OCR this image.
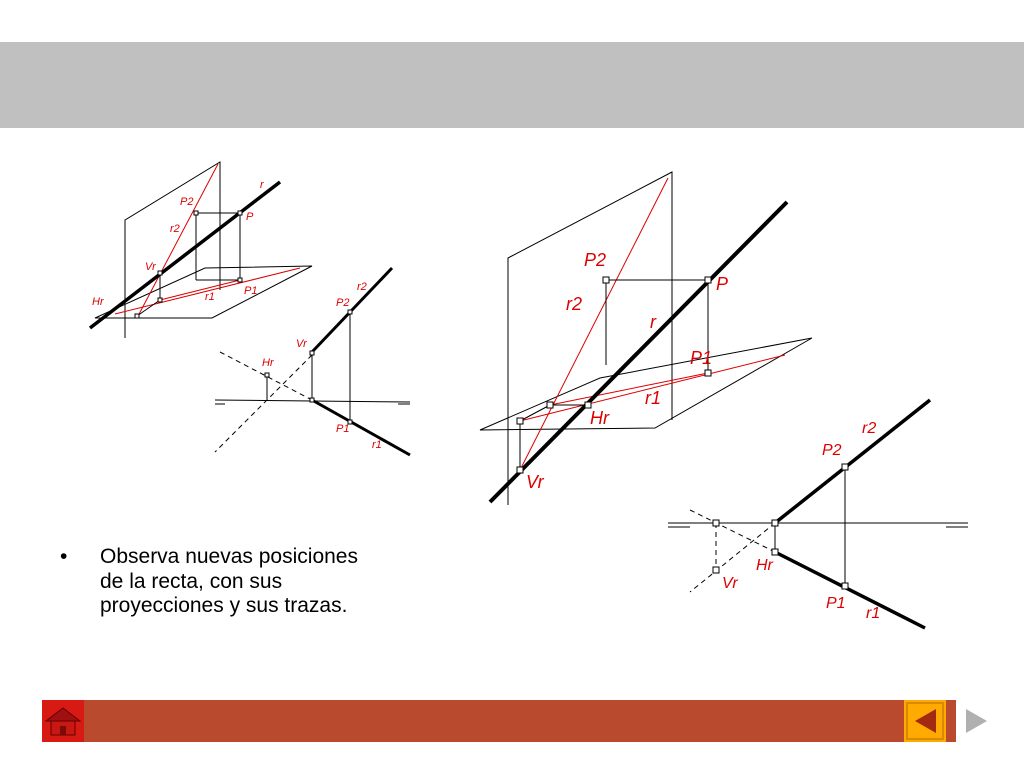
r
P2
r2
P
Vr
Hr	r1	P1	r2
P2
Vr
Hr
P1
r1
P2
r2
P
r
P1
r1
Hr
Vr
r2
P2
Hr
Vr
P1
r1
•	Observa nuevas posiciones de la recta, con sus proyecciones y sus trazas.
